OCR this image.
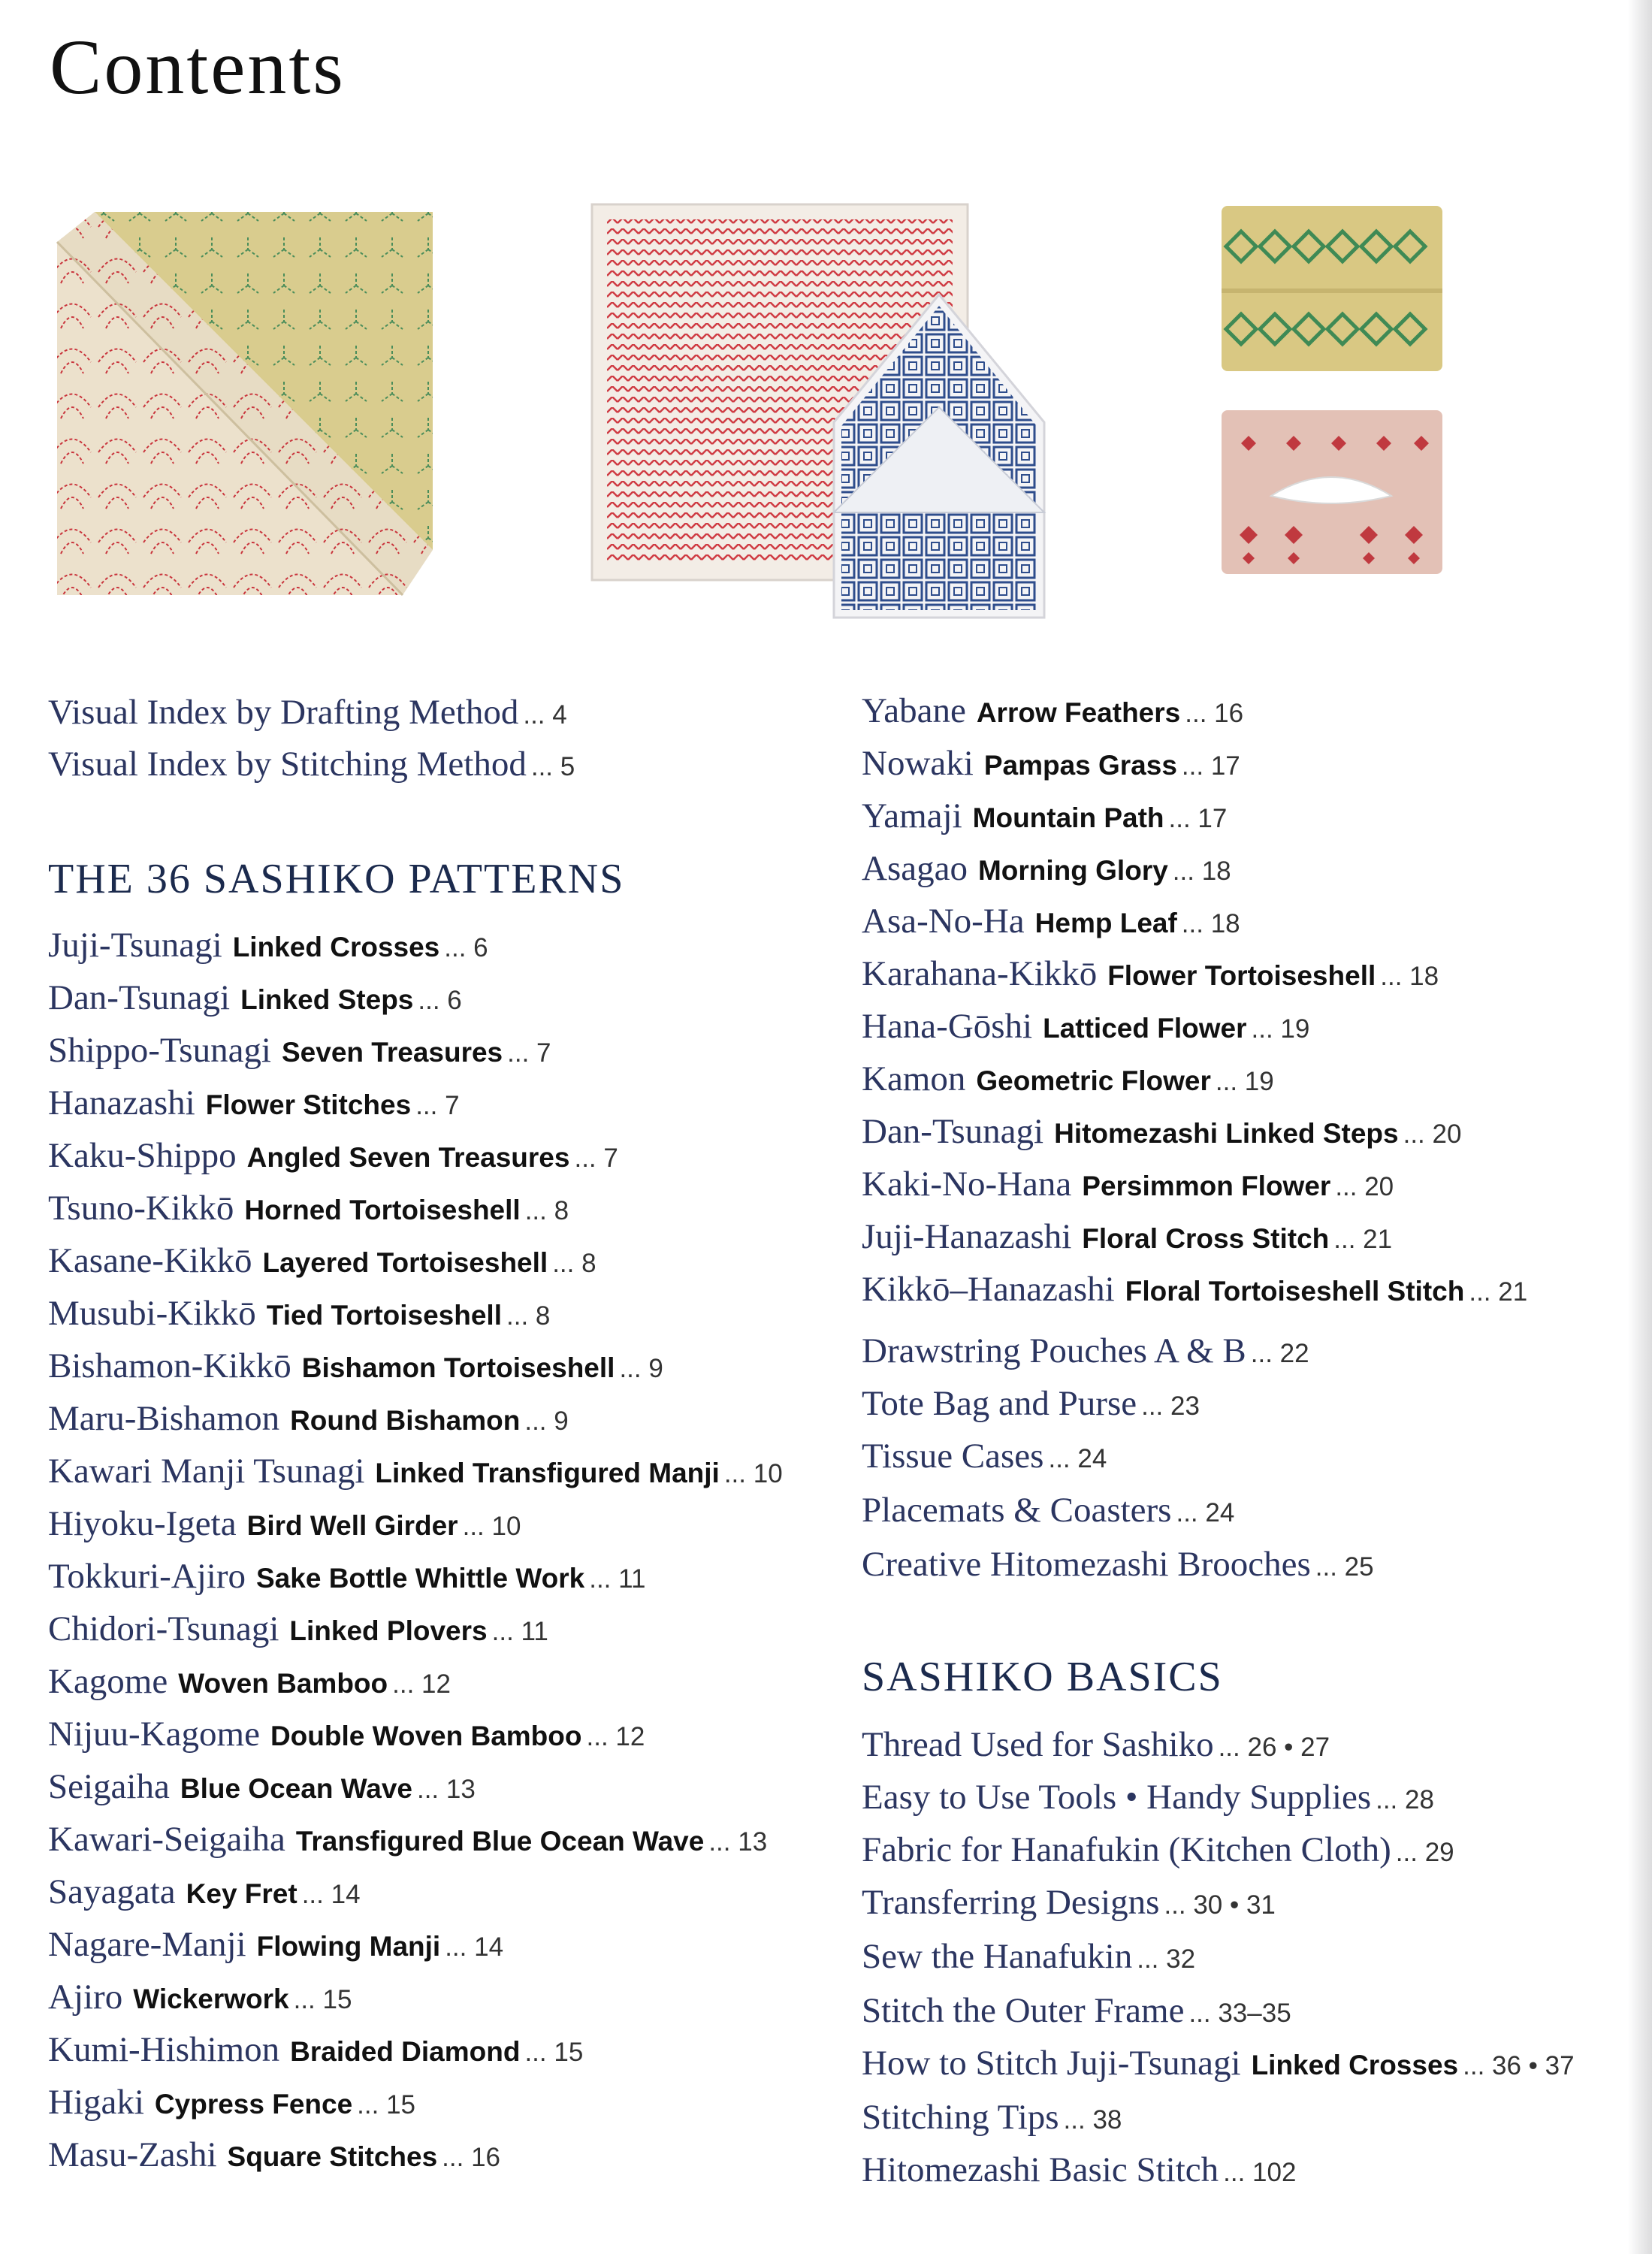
Contents
Visual Index by Drafting Method ... 4
Visual Index by Stitching Method ... 5
THE 36 SASHIKO PATTERNS
Juji-Tsunagi Linked Crosses ... 6
Dan-Tsunagi Linked Steps ... 6
Shippo-Tsunagi Seven Treasures ... 7
Hanazashi Flower Stitches ... 7
Kaku-Shippo Angled Seven Treasures ... 7
Tsuno-Kikkō Horned Tortoiseshell ... 8
Kasane-Kikkō Layered Tortoiseshell ... 8
Musubi-Kikkō Tied Tortoiseshell ... 8
Bishamon-Kikkō Bishamon Tortoiseshell ... 9
Maru-Bishamon Round Bishamon ... 9
Kawari Manji Tsunagi Linked Transfigured Manji ... 10
Hiyoku-Igeta Bird Well Girder ... 10
Tokkuri-Ajiro Sake Bottle Whittle Work ... 11
Chidori-Tsunagi Linked Plovers ... 11
Kagome Woven Bamboo ... 12
Nijuu-Kagome Double Woven Bamboo ... 12
Seigaiha Blue Ocean Wave ... 13
Kawari-Seigaiha Transfigured Blue Ocean Wave ... 13
Sayagata Key Fret ... 14
Nagare-Manji Flowing Manji ... 14
Ajiro Wickerwork ... 15
Kumi-Hishimon Braided Diamond ... 15
Higaki Cypress Fence ... 15
Masu-Zashi Square Stitches ... 16
Yabane Arrow Feathers ... 16
Nowaki Pampas Grass ... 17
Yamaji Mountain Path ... 17
Asagao Morning Glory ... 18
Asa-No-Ha Hemp Leaf ... 18
Karahana-Kikkō Flower Tortoiseshell ... 18
Hana-Gōshi Latticed Flower ... 19
Kamon Geometric Flower ... 19
Dan-Tsunagi Hitomezashi Linked Steps ... 20
Kaki-No-Hana Persimmon Flower ... 20
Juji-Hanazashi Floral Cross Stitch ... 21
Kikkō–Hanazashi Floral Tortoiseshell Stitch ... 21
Drawstring Pouches A & B ... 22
Tote Bag and Purse ... 23
Tissue Cases ... 24
Placemats & Coasters ... 24
Creative Hitomezashi Brooches ... 25
SASHIKO BASICS
Thread Used for Sashiko ... 26 • 27
Easy to Use Tools • Handy Supplies ... 28
Fabric for Hanafukin (Kitchen Cloth) ... 29
Transferring Designs ... 30 • 31
Sew the Hanafukin ... 32
Stitch the Outer Frame ... 33–35
How to Stitch Juji-Tsunagi Linked Crosses ... 36 • 37
Stitching Tips ... 38
Hitomezashi Basic Stitch ... 102
